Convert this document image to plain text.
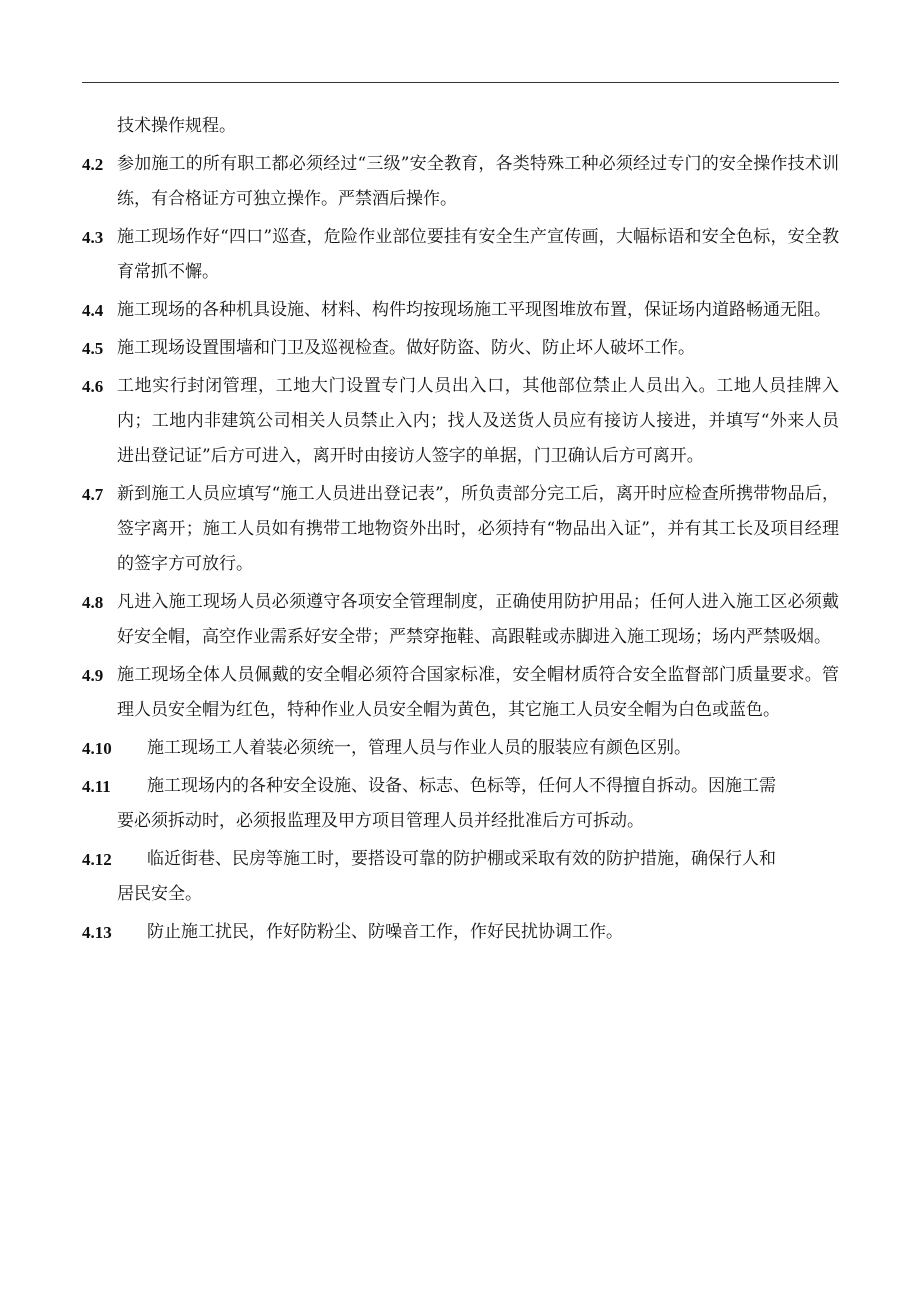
技术操作规程。
4.2 参加施工的所有职工都必须经过“三级”安全教育，各类特殊工种必须经过专门的安全操作技术训练，有合格证方可独立操作。严禁酒后操作。
4.3 施工现场作好“四口”巡查，危险作业部位要挂有安全生产宣传画，大幅标语和安全色标，安全教育常抓不懈。
4.4 施工现场的各种机具设施、材料、构件均按现场施工平现图堆放布置，保证场内道路畅通无阻。
4.5 施工现场设置围墙和门卫及巡视检查。做好防盗、防火、防止坏人破坏工作。
4.6 工地实行封闭管理，工地大门设置专门人员出入口，其他部位禁止人员出入。工地人员挂牌入内；工地内非建筑公司相关人员禁止入内；找人及送货人员应有接访人接进，并填写“外来人员进出登记证”后方可进入，离开时由接访人签字的单据，门卫确认后方可离开。
4.7 新到施工人员应填写“施工人员进出登记表”，所负责部分完工后，离开时应检查所携带物品后，签字离开；施工人员如有携带工地物资外出时，必须持有“物品出入证”，并有其工长及项目经理的签字方可放行。
4.8 凡进入施工现场人员必须遵守各项安全管理制度，正确使用防护用品；任何人进入施工区必须戴好安全帽，高空作业需系好安全带；严禁穿拖鞋、高跟鞋或赤脚进入施工现场；场内严禁吸烟。
4.9 施工现场全体人员佩戴的安全帽必须符合国家标准，安全帽材质符合安全监督部门质量要求。管理人员安全帽为红色，特种作业人员安全帽为黄色，其它施工人员安全帽为白色或蓝色。
4.10	施工现场工人着装必须统一，管理人员与作业人员的服装应有颜色区别。
4.11	施工现场内的各种安全设施、设备、标志、色标等，任何人不得擅自拆动。因施工需
要必须拆动时，必须报监理及甲方项目管理人员并经批准后方可拆动。
4.12	临近街巷、民房等施工时，要搭设可靠的防护棚或采取有效的防护措施，确保行人和
居民安全。
4.13	防止施工扰民，作好防粉尘、防噪音工作，作好民扰协调工作。
